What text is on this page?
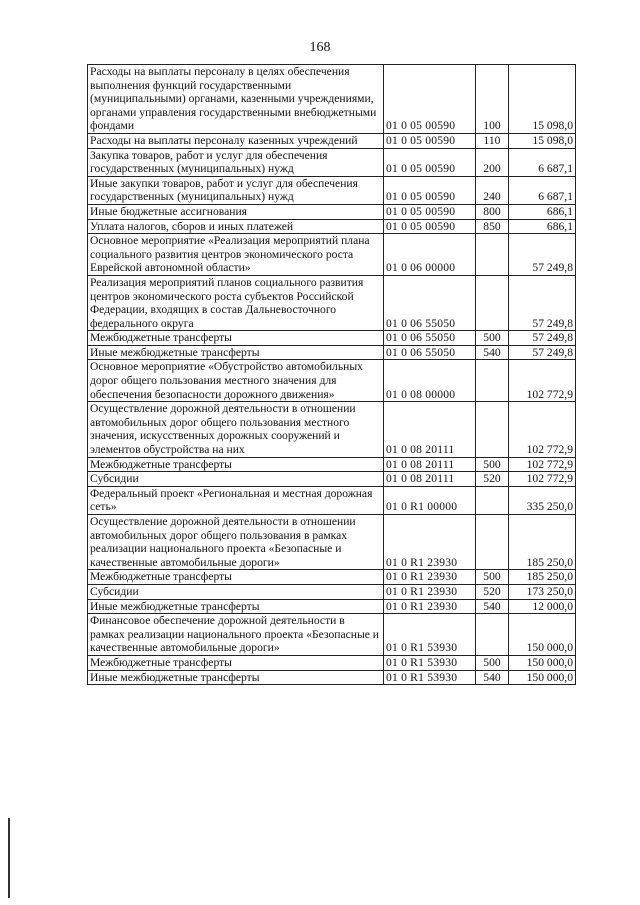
168
Расходы на выплаты персоналу в целях обеспечения выполнения функций государственными (муниципальными) органами, казенными учреждениями, органами управления государственными внебюджетными фондами	01 0 05 00590	100	15 098,0
Расходы на выплаты персоналу казенных учреждений	01 0 05 00590	110	15 098,0
Закупка товаров, работ и услуг для обеспечения государственных (муниципальных) нужд	01 0 05 00590	200	6 687,1
Иные закупки товаров, работ и услуг для обеспечения государственных (муниципальных) нужд	01 0 05 00590	240	6 687,1
Иные бюджетные ассигнования	01 0 05 00590	800	686,1
Уплата налогов, сборов и иных платежей	01 0 05 00590	850	686,1
Основное мероприятие «Реализация мероприятий плана социального развития центров экономического роста Еврейской автономной области»	01 0 06 00000		57 249,8
Реализация мероприятий планов социального развития центров экономического роста субъектов Российской Федерации, входящих в состав Дальневосточного федерального округа	01 0 06 55050		57 249,8
Межбюджетные трансферты	01 0 06 55050	500	57 249,8
Иные межбюджетные трансферты	01 0 06 55050	540	57 249,8
Основное мероприятие «Обустройство автомобильных дорог общего пользования местного значения для обеспечения безопасности дорожного движения»	01 0 08 00000		102 772,9
Осуществление дорожной деятельности в отношении автомобильных дорог общего пользования местного значения, искусственных дорожных сооружений и элементов обустройства на них	01 0 08 20111		102 772,9
Межбюджетные трансферты	01 0 08 20111	500	102 772,9
Субсидии	01 0 08 20111	520	102 772,9
Федеральный проект «Региональная и местная дорожная сеть»	01 0 R1 00000		335 250,0
Осуществление дорожной деятельности в отношении автомобильных дорог общего пользования в рамках реализации национального проекта «Безопасные и качественные автомобильные дороги»	01 0 R1 23930		185 250,0
Межбюджетные трансферты	01 0 R1 23930	500	185 250,0
Субсидии	01 0 R1 23930	520	173 250,0
Иные межбюджетные трансферты	01 0 R1 23930	540	12 000,0
Финансовое обеспечение дорожной деятельности в рамках реализации национального проекта «Безопасные и качественные автомобильные дороги»	01 0 R1 53930		150 000,0
Межбюджетные трансферты	01 0 R1 53930	500	150 000,0
Иные межбюджетные трансферты	01 0 R1 53930	540	150 000,0
